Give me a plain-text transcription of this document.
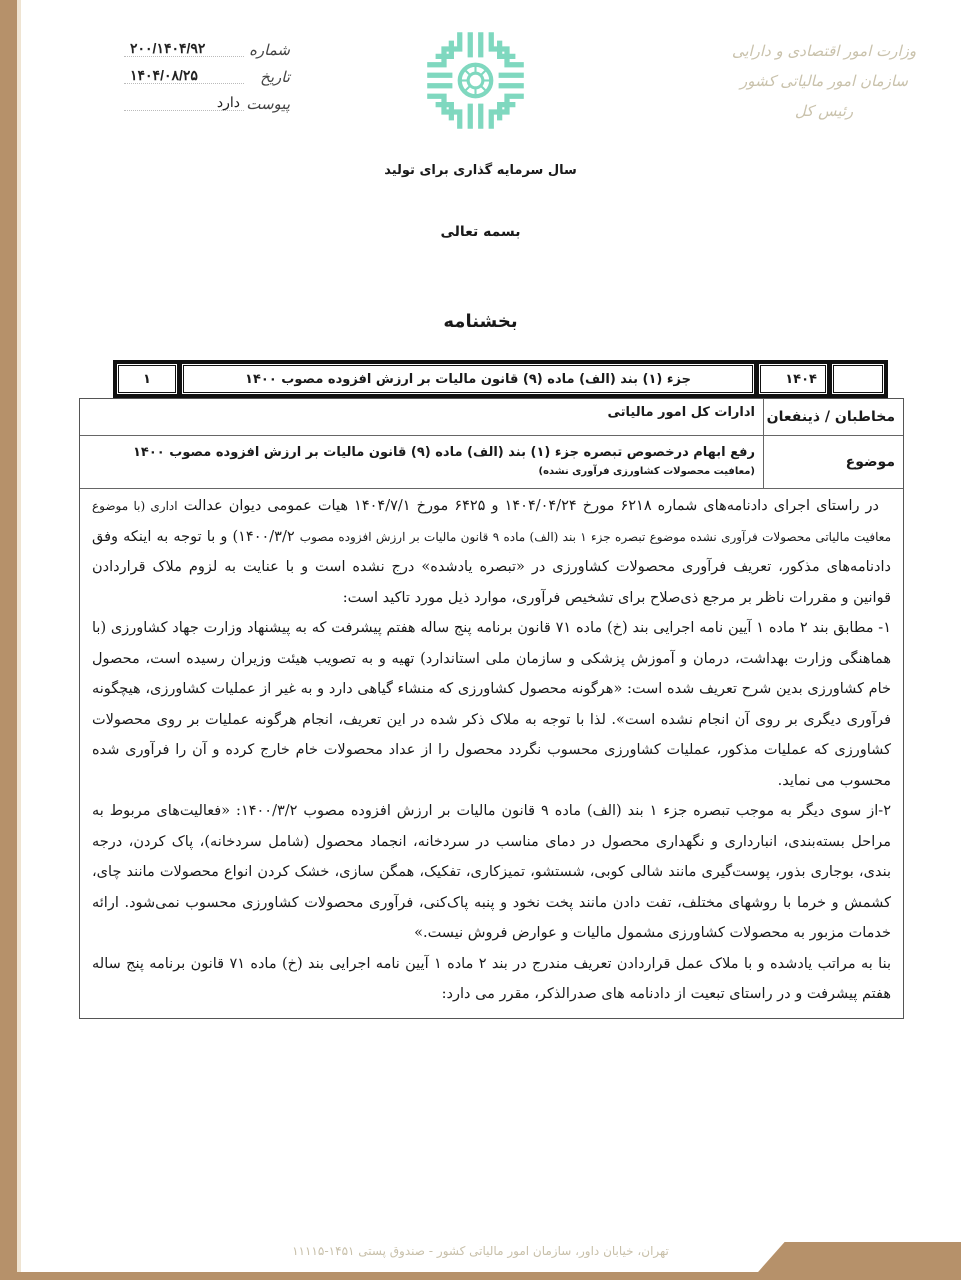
شماره
۲۰۰/۱۴۰۴/۹۲
تاریخ
۱۴۰۴/۰۸/۲۵
پیوست
دارد
وزارت امور اقتصادی و دارایی
سازمان امور مالیاتی کشور
رئیس کل
سال سرمایه گذاری برای تولید
بسمه تعالی
بخشنامه
۱۴۰۴
جزء (۱) بند (الف) ماده (۹) قانون مالیات بر ارزش افزوده مصوب ۱۴۰۰
۱
مخاطبان / ذینفعان
ادارات کل امور مالیاتی
موضوع
رفع ابهام درخصوص تبصره جزء (۱) بند (الف) ماده (۹) قانون مالیات بر ارزش افزوده مصوب ۱۴۰۰ (معافیت محصولات کشاورزی فرآوری نشده)

در راستای اجرای دادنامه‌های شماره ۶۲۱۸ مورخ ۱۴۰۴/۰۴/۲۴ و ۶۴۲۵ مورخ ۱۴۰۴/۷/۱ هیات عمومی دیوان عدالت اداری (با موضوع معافیت مالیاتی محصولات فرآوری نشده موضوع تبصره جزء ۱ بند (الف) ماده ۹ قانون مالیات بر ارزش افزوده مصوب ۱۴۰۰/۳/۲) و با توجه به اینکه وفق دادنامه‌های مذکور، تعریف فرآوری محصولات کشاورزی در «تبصره یادشده» درج نشده است و با عنایت به لزوم ملاک قراردادن قوانین و مقررات ناظر بر مرجع ذی‌صلاح برای تشخیص فرآوری، موارد ذیل مورد تاکید است:

۱- مطابق بند ۲ ماده ۱ آیین نامه اجرایی بند (خ) ماده ۷۱ قانون برنامه پنج ساله هفتم پیشرفت که به پیشنهاد وزارت جهاد کشاورزی (با هماهنگی وزارت بهداشت، درمان و آموزش پزشکی و سازمان ملی استاندارد) تهیه و به تصویب هیئت وزیران رسیده است، محصول خام کشاورزی بدین شرح تعریف شده است: «هرگونه محصول کشاورزی که منشاء گیاهی دارد و به غیر از عملیات کشاورزی، هیچگونه فرآوری دیگری بر روی آن انجام نشده است». لذا با توجه به ملاک ذکر شده در این تعریف، انجام هرگونه عملیات بر روی محصولات کشاورزی که عملیات مذکور، عملیات کشاورزی محسوب نگردد محصول را از عداد محصولات خام خارج کرده و آن را فرآوری شده محسوب می نماید.

۲-از سوی دیگر به موجب تبصره جزء ۱ بند (الف) ماده ۹ قانون مالیات بر ارزش افزوده مصوب ۱۴۰۰/۳/۲: «فعالیت‌های مربوط به مراحل بسته‌بندی، انبارداری و نگهداری محصول در دمای مناسب در سردخانه، انجماد محصول (شامل سردخانه)، پاک کردن، درجه بندی، بوجاری بذور، پوست‌گیری مانند شالی کوبی، شستشو، تمیزکاری، تفکیک، همگن سازی، خشک کردن انواع محصولات مانند چای، کشمش و خرما با روشهای مختلف، تفت دادن مانند پخت نخود و پنبه پاک‌کنی، فرآوری محصولات کشاورزی محسوب نمی‌شود. ارائه خدمات مزبور به محصولات کشاورزی مشمول مالیات و عوارض فروش نیست.»

بنا به مراتب یادشده و با ملاک عمل قراردادن تعریف مندرج در بند ۲ ماده ۱ آیین نامه اجرایی بند (خ) ماده ۷۱ قانون برنامه پنج ساله هفتم پیشرفت و در راستای تبعیت از دادنامه های صدرالذکر، مقرر می دارد:

تهران، خیابان داور، سازمان امور مالیاتی کشور - صندوق پستی ۱۴۵۱-۱۱۱۱۵
